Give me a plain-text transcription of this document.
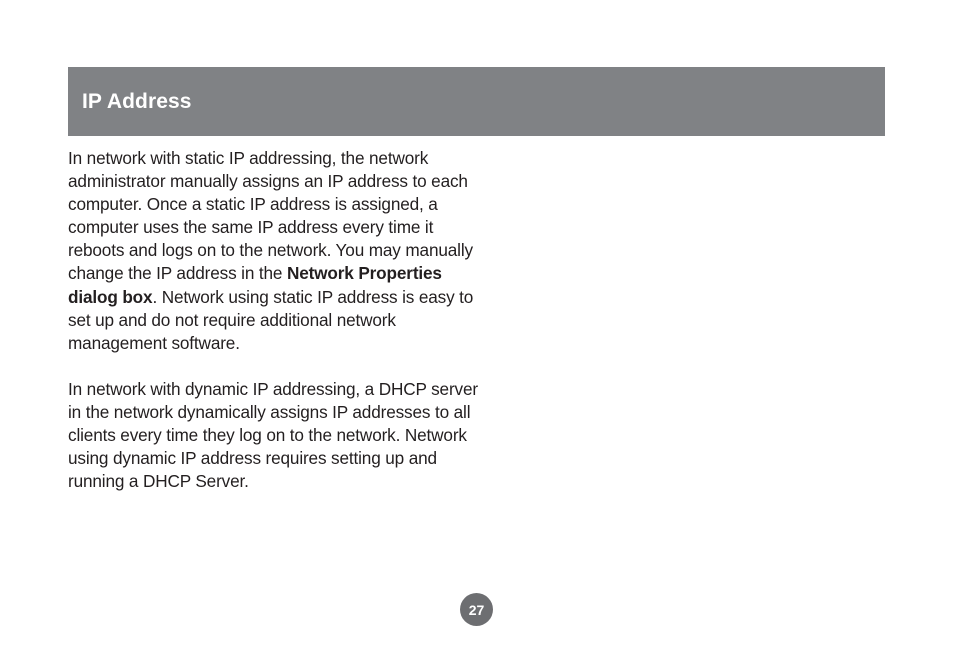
IP Address

In network with static IP addressing, the network administrator manually assigns an IP address to each computer. Once a static IP address is assigned, a computer uses the same IP address every time it reboots and logs on to the network. You may manually change the IP address in the Network Properties dialog box. Network using static IP address is easy to set up and do not require additional network management software.

In network with dynamic IP addressing, a DHCP server in the network dynamically assigns IP addresses to all clients every time they log on to the network. Network using dynamic IP address requires setting up and running a DHCP Server.

27
